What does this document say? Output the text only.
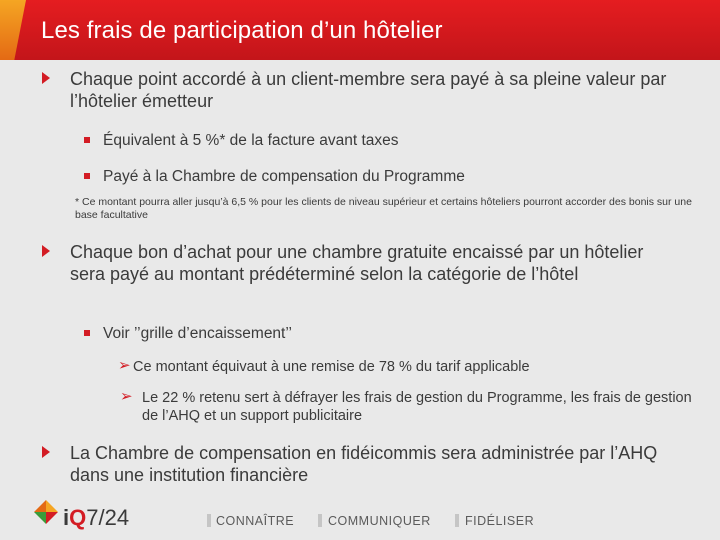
Les frais de participation d’un hôtelier
Chaque point accordé à un client-membre sera payé à sa pleine valeur par l’hôtelier émetteur
Équivalent à 5 %* de la facture avant taxes
Payé à la Chambre de compensation du Programme
* Ce montant pourra aller jusqu’à 6,5 % pour les clients de niveau supérieur et certains hôteliers pourront accorder des bonis sur une base facultative
Chaque bon d’achat pour une chambre gratuite encaissé par un hôtelier sera payé au montant prédéterminé selon la catégorie de l’hôtel
Voir ’’grille d’encaissement’’
➢ Ce montant équivaut à une remise de 78 % du tarif applicable
➢ Le 22 % retenu sert à défrayer les frais de gestion du Programme, les frais de gestion de l’AHQ et un support publicitaire
La Chambre de compensation en fidéicommis sera administrée par l’AHQ dans une institution financière
iQ7/24	CONNAÎTRE	COMMUNIQUER	FIDÉLISER
